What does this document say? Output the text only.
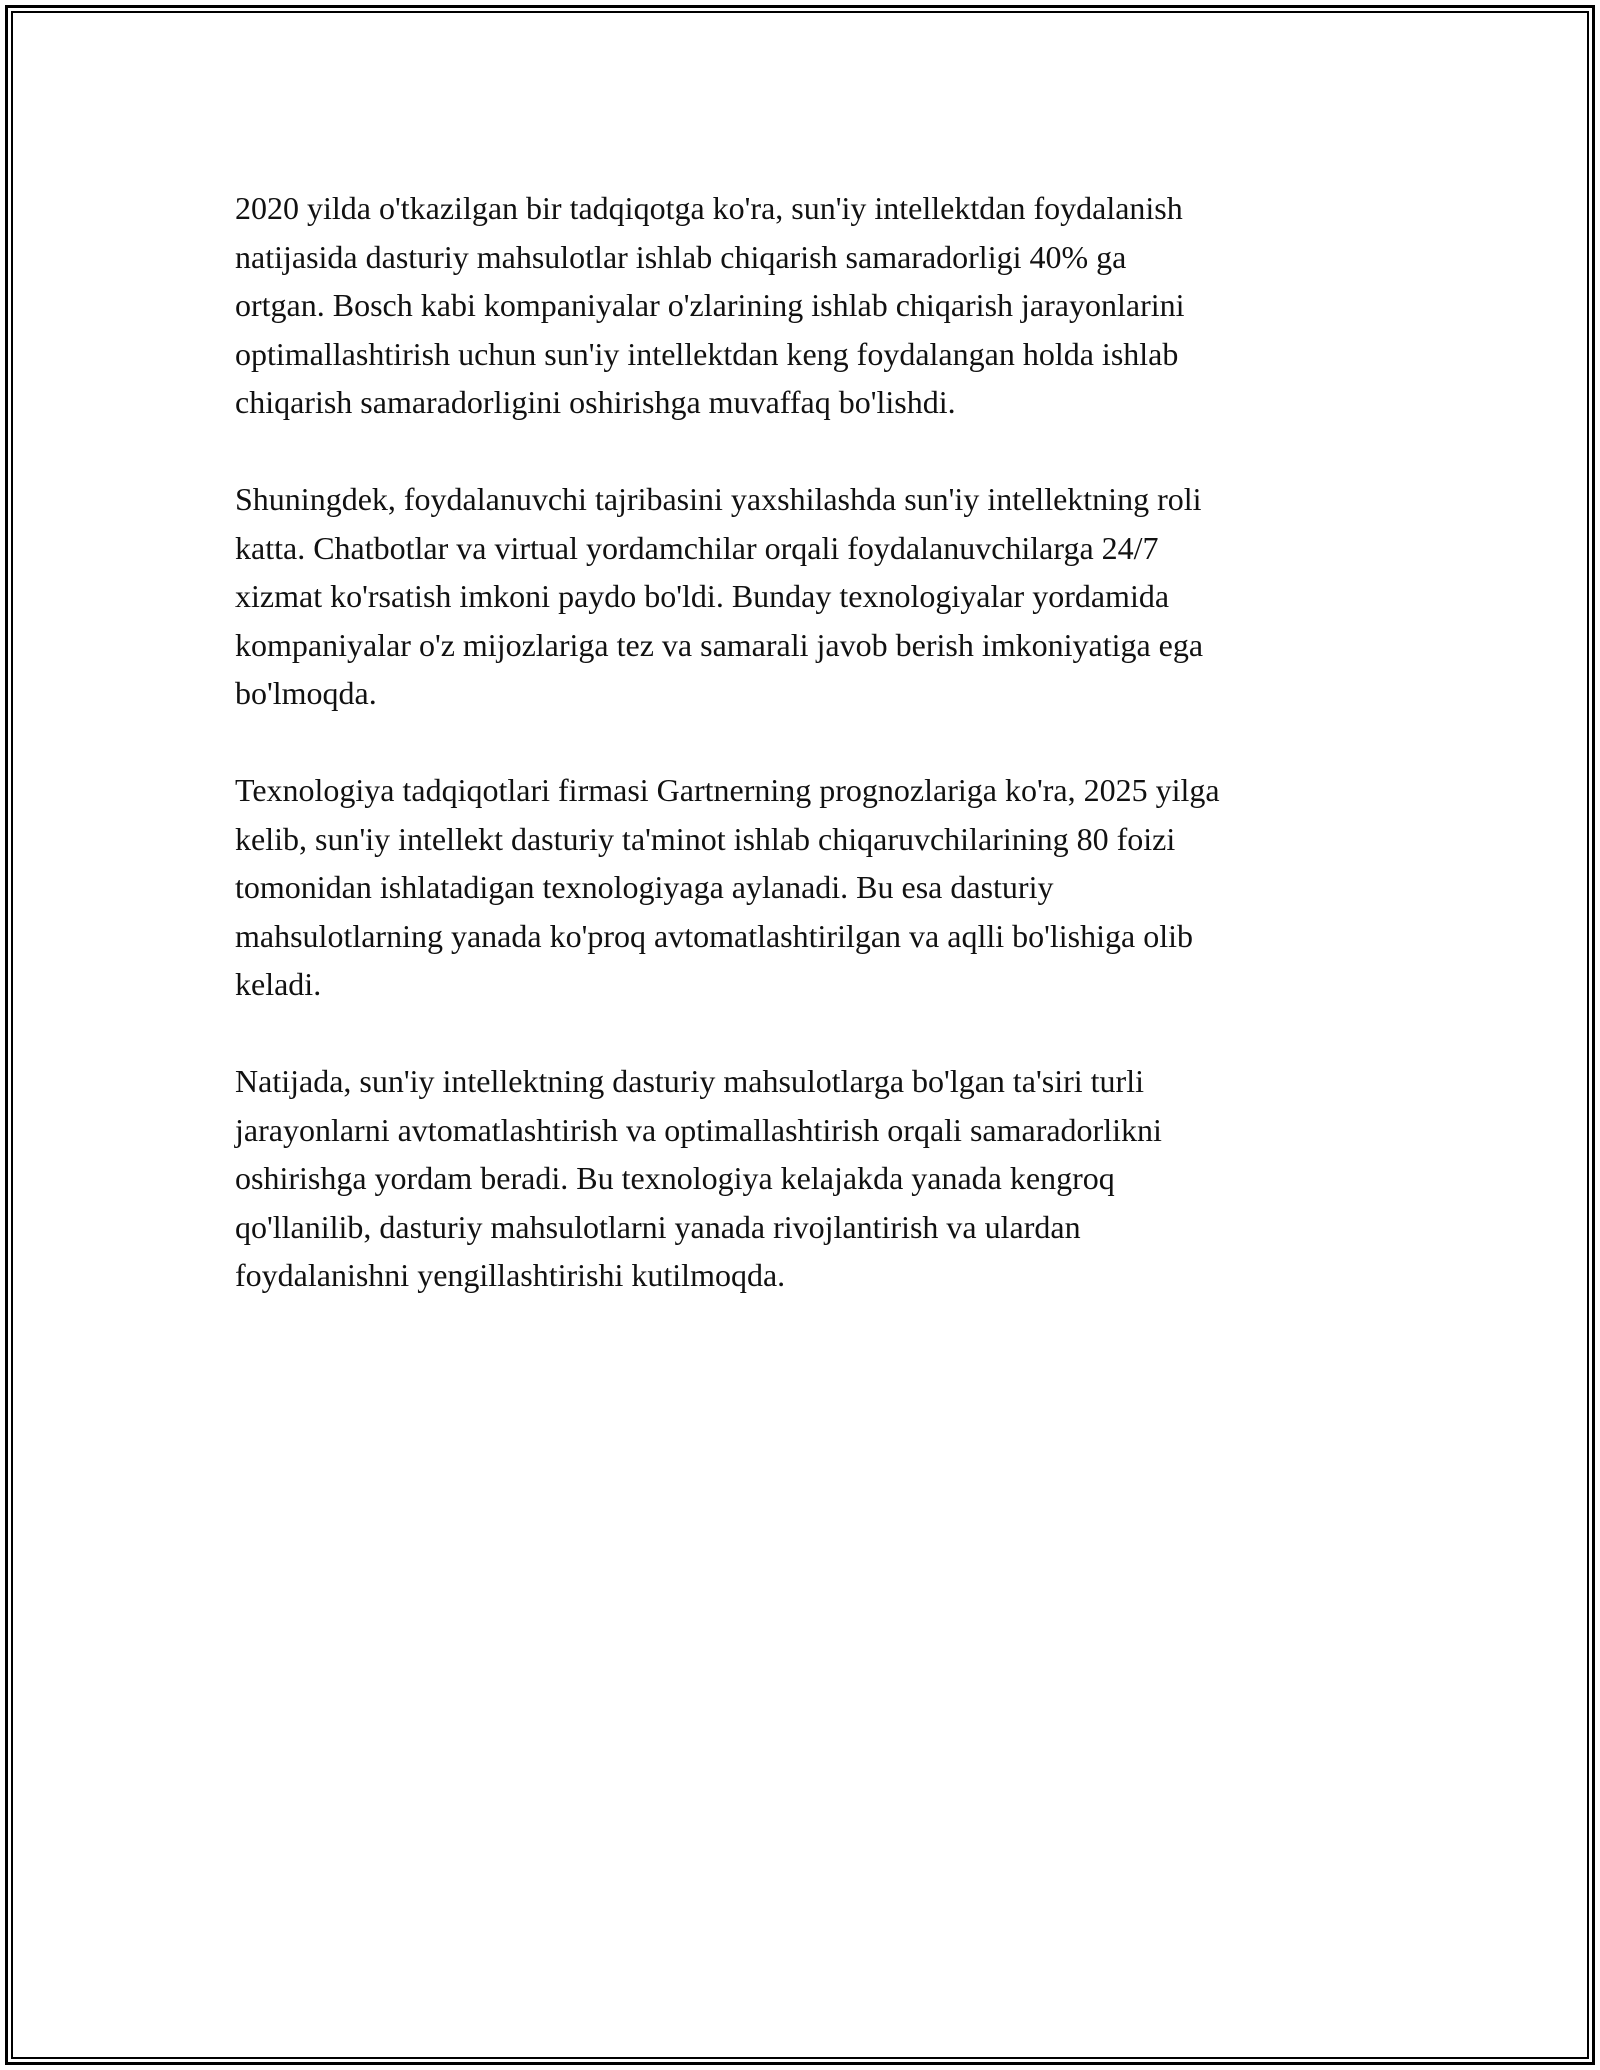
2020 yilda o'tkazilgan bir tadqiqotga ko'ra, sun'iy intellektdan foydalanish
natijasida dasturiy mahsulotlar ishlab chiqarish samaradorligi 40% ga
ortgan. Bosch kabi kompaniyalar o'zlarining ishlab chiqarish jarayonlarini
optimallashtirish uchun sun'iy intellektdan keng foydalangan holda ishlab
chiqarish samaradorligini oshirishga muvaffaq bo'lishdi.

Shuningdek, foydalanuvchi tajribasini yaxshilashda sun'iy intellektning roli
katta. Chatbotlar va virtual yordamchilar orqali foydalanuvchilarga 24/7
xizmat ko'rsatish imkoni paydo bo'ldi. Bunday texnologiyalar yordamida
kompaniyalar o'z mijozlariga tez va samarali javob berish imkoniyatiga ega
bo'lmoqda.

Texnologiya tadqiqotlari firmasi Gartnerning prognozlariga ko'ra, 2025 yilga
kelib, sun'iy intellekt dasturiy ta'minot ishlab chiqaruvchilarining 80 foizi
tomonidan ishlatadigan texnologiyaga aylanadi. Bu esa dasturiy
mahsulotlarning yanada ko'proq avtomatlashtirilgan va aqlli bo'lishiga olib
keladi.

Natijada, sun'iy intellektning dasturiy mahsulotlarga bo'lgan ta'siri turli
jarayonlarni avtomatlashtirish va optimallashtirish orqali samaradorlikni
oshirishga yordam beradi. Bu texnologiya kelajakda yanada kengroq
qo'llanilib, dasturiy mahsulotlarni yanada rivojlantirish va ulardan
foydalanishni yengillashtirishi kutilmoqda.
